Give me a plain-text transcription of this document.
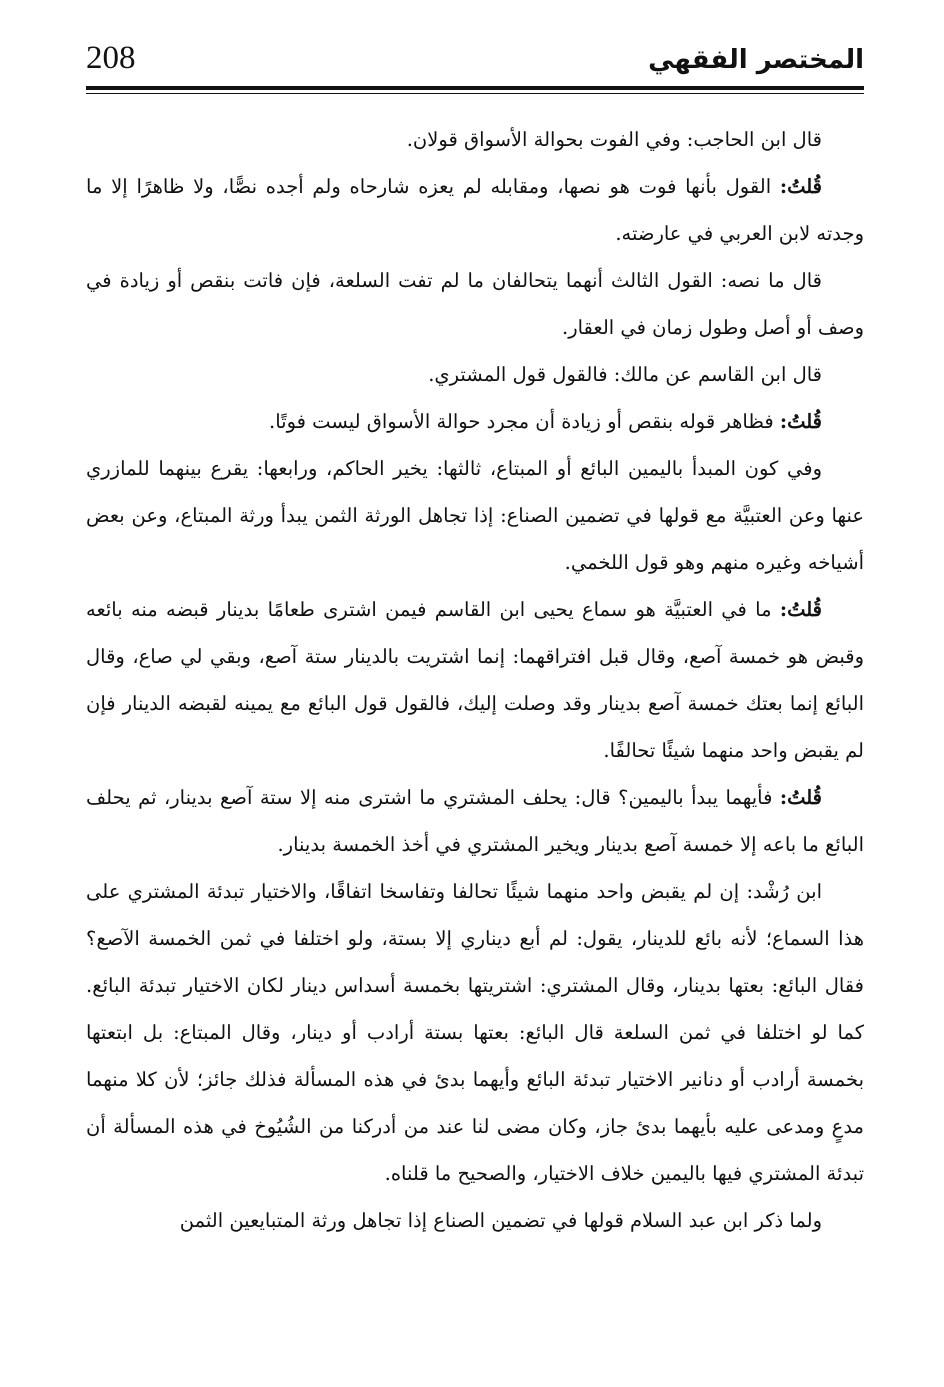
208	المختصر الفقهي

قال ابن الحاجب: وفي الفوت بحوالة الأسواق قولان.

قُلتُ: القول بأنها فوت هو نصها، ومقابله لم يعزه شارحاه ولم أجده نصًّا، ولا ظاهرًا إلا ما وجدته لابن العربي في عارضته.

قال ما نصه: القول الثالث أنهما يتحالفان ما لم تفت السلعة، فإن فاتت بنقص أو زيادة في وصف أو أصل وطول زمان في العقار.

قال ابن القاسم عن مالك: فالقول قول المشتري.

قُلتُ: فظاهر قوله بنقص أو زيادة أن مجرد حوالة الأسواق ليست فوتًا.

وفي كون المبدأ باليمين البائع أو المبتاع، ثالثها: يخير الحاكم، ورابعها: يقرع بينهما للمازري عنها وعن العتبيَّة مع قولها في تضمين الصناع: إذا تجاهل الورثة الثمن يبدأ ورثة المبتاع، وعن بعض أشياخه وغيره منهم وهو قول اللخمي.

قُلتُ: ما في العتبيَّة هو سماع يحيى ابن القاسم فيمن اشترى طعامًا بدينار قبضه منه بائعه وقبض هو خمسة آصع، وقال قبل افتراقهما: إنما اشتريت بالدينار ستة آصع، وبقي لي صاع، وقال البائع إنما بعتك خمسة آصع بدينار وقد وصلت إليك، فالقول قول البائع مع يمينه لقبضه الدينار فإن لم يقبض واحد منهما شيئًا تحالفًا.

قُلتُ: فأيهما يبدأ باليمين؟ قال: يحلف المشتري ما اشترى منه إلا ستة آصع بدينار، ثم يحلف البائع ما باعه إلا خمسة آصع بدينار ويخير المشتري في أخذ الخمسة بدينار.

ابن رُشْد: إن لم يقبض واحد منهما شيئًا تحالفا وتفاسخا اتفاقًا، والاختيار تبدئة المشتري على هذا السماع؛ لأنه بائع للدينار، يقول: لم أبع ديناري إلا بستة، ولو اختلفا في ثمن الخمسة الآصع؟ فقال البائع: بعتها بدينار، وقال المشتري: اشتريتها بخمسة أسداس دينار لكان الاختيار تبدئة البائع. كما لو اختلفا في ثمن السلعة قال البائع: بعتها بستة أرادب أو دينار، وقال المبتاع: بل ابتعتها بخمسة أرادب أو دنانير الاختيار تبدئة البائع وأيهما بدئ في هذه المسألة فذلك جائز؛ لأن كلا منهما مدعٍ ومدعى عليه بأيهما بدئ جاز، وكان مضى لنا عند من أدركنا من الشُيُوخ في هذه المسألة أن تبدئة المشتري فيها باليمين خلاف الاختيار، والصحيح ما قلناه.

ولما ذكر ابن عبد السلام قولها في تضمين الصناع إذا تجاهل ورثة المتبايعين الثمن
